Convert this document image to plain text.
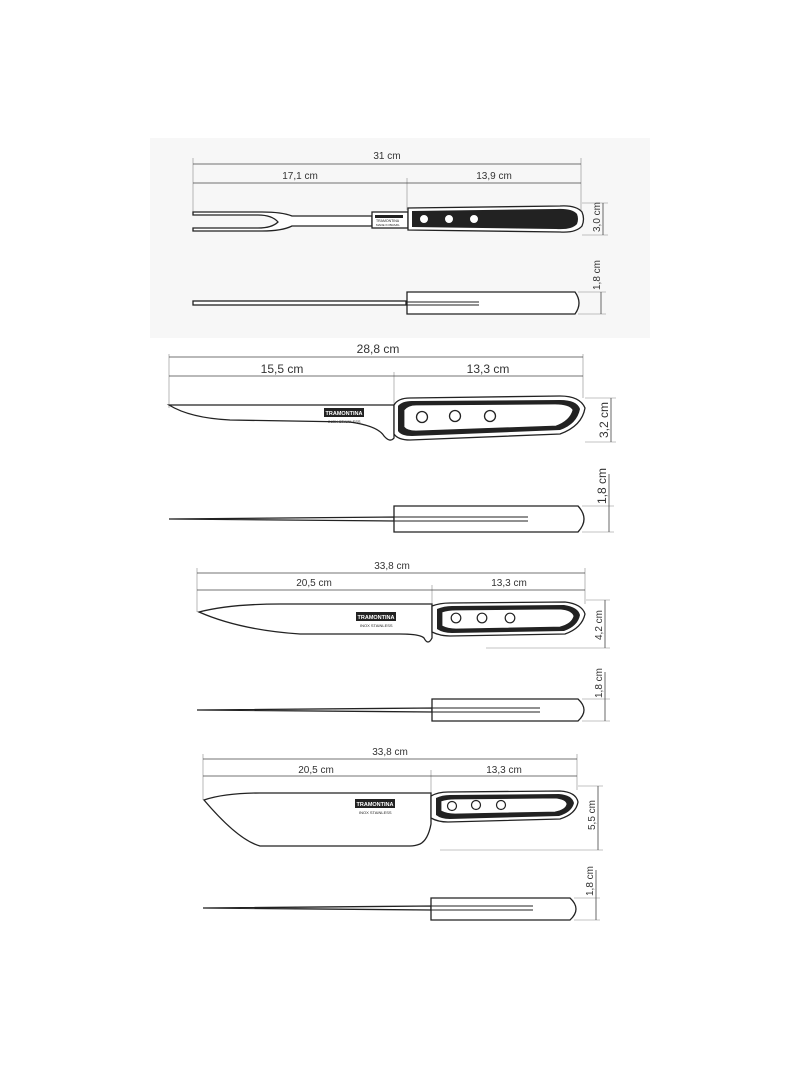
31 cm
17,1 cm	13,9 cm
TRAMONTINA
MADE IN BRAZIL	3,0 cm
1,8 cm
28,8 cm
15,5 cm	13,3 cm
TRAMONTINA
INOX STAINLESS	3,2 cm
1,8 cm
33,8 cm
20,5 cm	13,3 cm
TRAMONTINA
INOX STAINLESS	4,2 cm
1,8 cm
33,8 cm
20,5 cm	13,3 cm
TRAMONTINA
INOX STAINLESS	5,5 cm
1,8 cm
